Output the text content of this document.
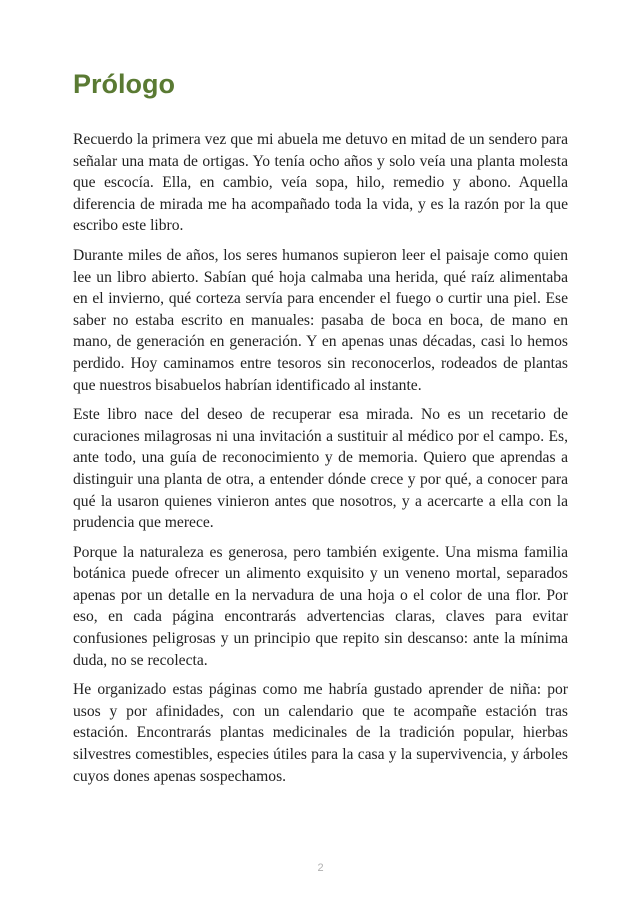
Prólogo

Recuerdo la primera vez que mi abuela me detuvo en mitad de un sendero para señalar una mata de ortigas. Yo tenía ocho años y solo veía una planta molesta que escocía. Ella, en cambio, veía sopa, hilo, remedio y abono. Aquella diferencia de mirada me ha acompañado toda la vida, y es la razón por la que escribo este libro.

Durante miles de años, los seres humanos supieron leer el paisaje como quien lee un libro abierto. Sabían qué hoja calmaba una herida, qué raíz alimentaba en el invierno, qué corteza servía para encender el fuego o curtir una piel. Ese saber no estaba escrito en manuales: pasaba de boca en boca, de mano en mano, de generación en generación. Y en apenas unas décadas, casi lo hemos perdido. Hoy caminamos entre tesoros sin reconocerlos, rodeados de plantas que nuestros bisabuelos habrían identificado al instante.

Este libro nace del deseo de recuperar esa mirada. No es un recetario de curaciones milagrosas ni una invitación a sustituir al médico por el campo. Es, ante todo, una guía de reconocimiento y de memoria. Quiero que aprendas a distinguir una planta de otra, a entender dónde crece y por qué, a conocer para qué la usaron quienes vinieron antes que nosotros, y a acercarte a ella con la prudencia que merece.

Porque la naturaleza es generosa, pero también exigente. Una misma familia botánica puede ofrecer un alimento exquisito y un veneno mortal, separados apenas por un detalle en la nervadura de una hoja o el color de una flor. Por eso, en cada página encontrarás advertencias claras, claves para evitar confusiones peligrosas y un principio que repito sin descanso: ante la mínima duda, no se recolecta.

He organizado estas páginas como me habría gustado aprender de niña: por usos y por afinidades, con un calendario que te acompañe estación tras estación. Encontrarás plantas medicinales de la tradición popular, hierbas silvestres comestibles, especies útiles para la casa y la supervivencia, y árboles cuyos dones apenas sospechamos.

2
